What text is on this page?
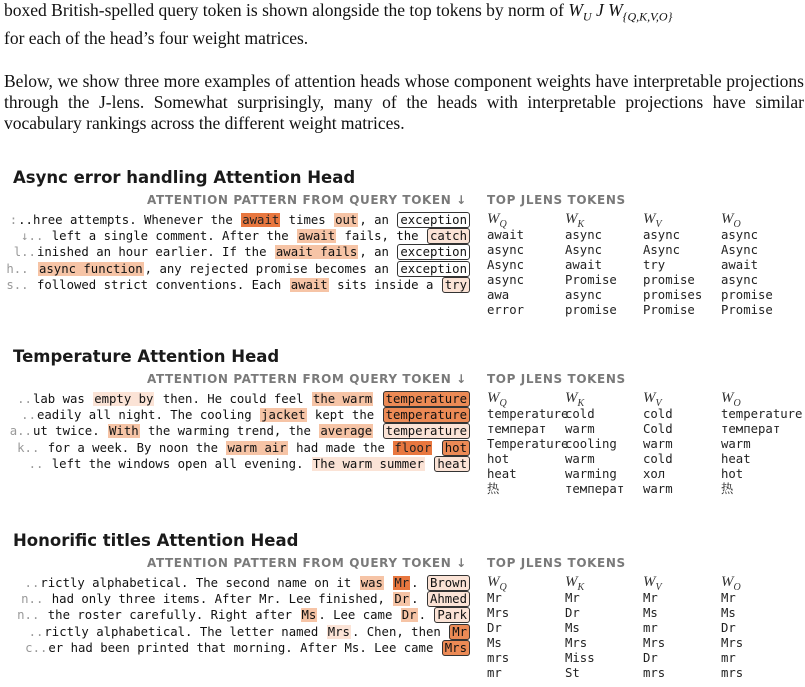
boxed British-spelled query token is shown alongside the top tokens by norm of $W_U$ J $W_{\{Q,K,V,O\}}$
for each of the head’s four weight matrices.

Below, we show three more examples of attention heads whose component weights have interpretable projections through the J-lens. Somewhat surprisingly, many of the heads with interpretable projections have similar vocabulary rankings across the different weight matrices.

Async error handling Attention Head
ATTENTION PATTERN FROM QUERY TOKEN ↓ TOP JLENS TOKENS
:..hree attempts. Whenever the await times out , an exception
↓.. left a single comment. After the await fails, the catch
l..inished an hour earlier. If the await fails , an exception
h.. async function , any rejected promise becomes an exception
s.. followed strict conventions. Each await sits inside a try
$W_Q$
await
async
Async
async
awa
error
$W_K$
async
Async
await
Promise
async
promise
$W_V$
async
Async
try
promise
promises
Promise
$W_O$
async
Async
await
async
promise
Promise
Temperature Attention Head
ATTENTION PATTERN FROM QUERY TOKEN ↓ TOP JLENS TOKENS
..lab was empty by then. He could feel the warm temperature
..eadily all night. The cooling jacket kept the temperature
a..ut twice. With the warming trend, the average temperature
k.. for a week. By noon the warm air had made the floor hot
.. left the windows open all evening. The warm summer heat
$W_Q$
temperature
температ
Temperature
hot
heat
热
$W_K$
cold
warm
cooling
warm
warming
температ
$W_V$
cold
Cold
warm
cold
хол
warm
$W_O$
temperature
температ
warm
heat
hot
热
Honorific titles Attention Head
ATTENTION PATTERN FROM QUERY TOKEN ↓ TOP JLENS TOKENS
..rictly alphabetical. The second name on it was Mr . Brown
n.. had only three items. After Mr. Lee finished, Dr . Ahmed
n.. the roster carefully. Right after Ms . Lee came Dr . Park
..rictly alphabetical. The letter named Mrs . Chen, then Mr
c..er had been printed that morning. After Ms. Lee came Mrs
$W_Q$
Mr
Mrs
Dr
Ms
mrs
mr
$W_K$
Mr
Dr
Ms
Mrs
Miss
St
$W_V$
Mr
Ms
mr
Mrs
Dr
mrs
$W_O$
Mr
Ms
Dr
Mrs
mr
mrs
